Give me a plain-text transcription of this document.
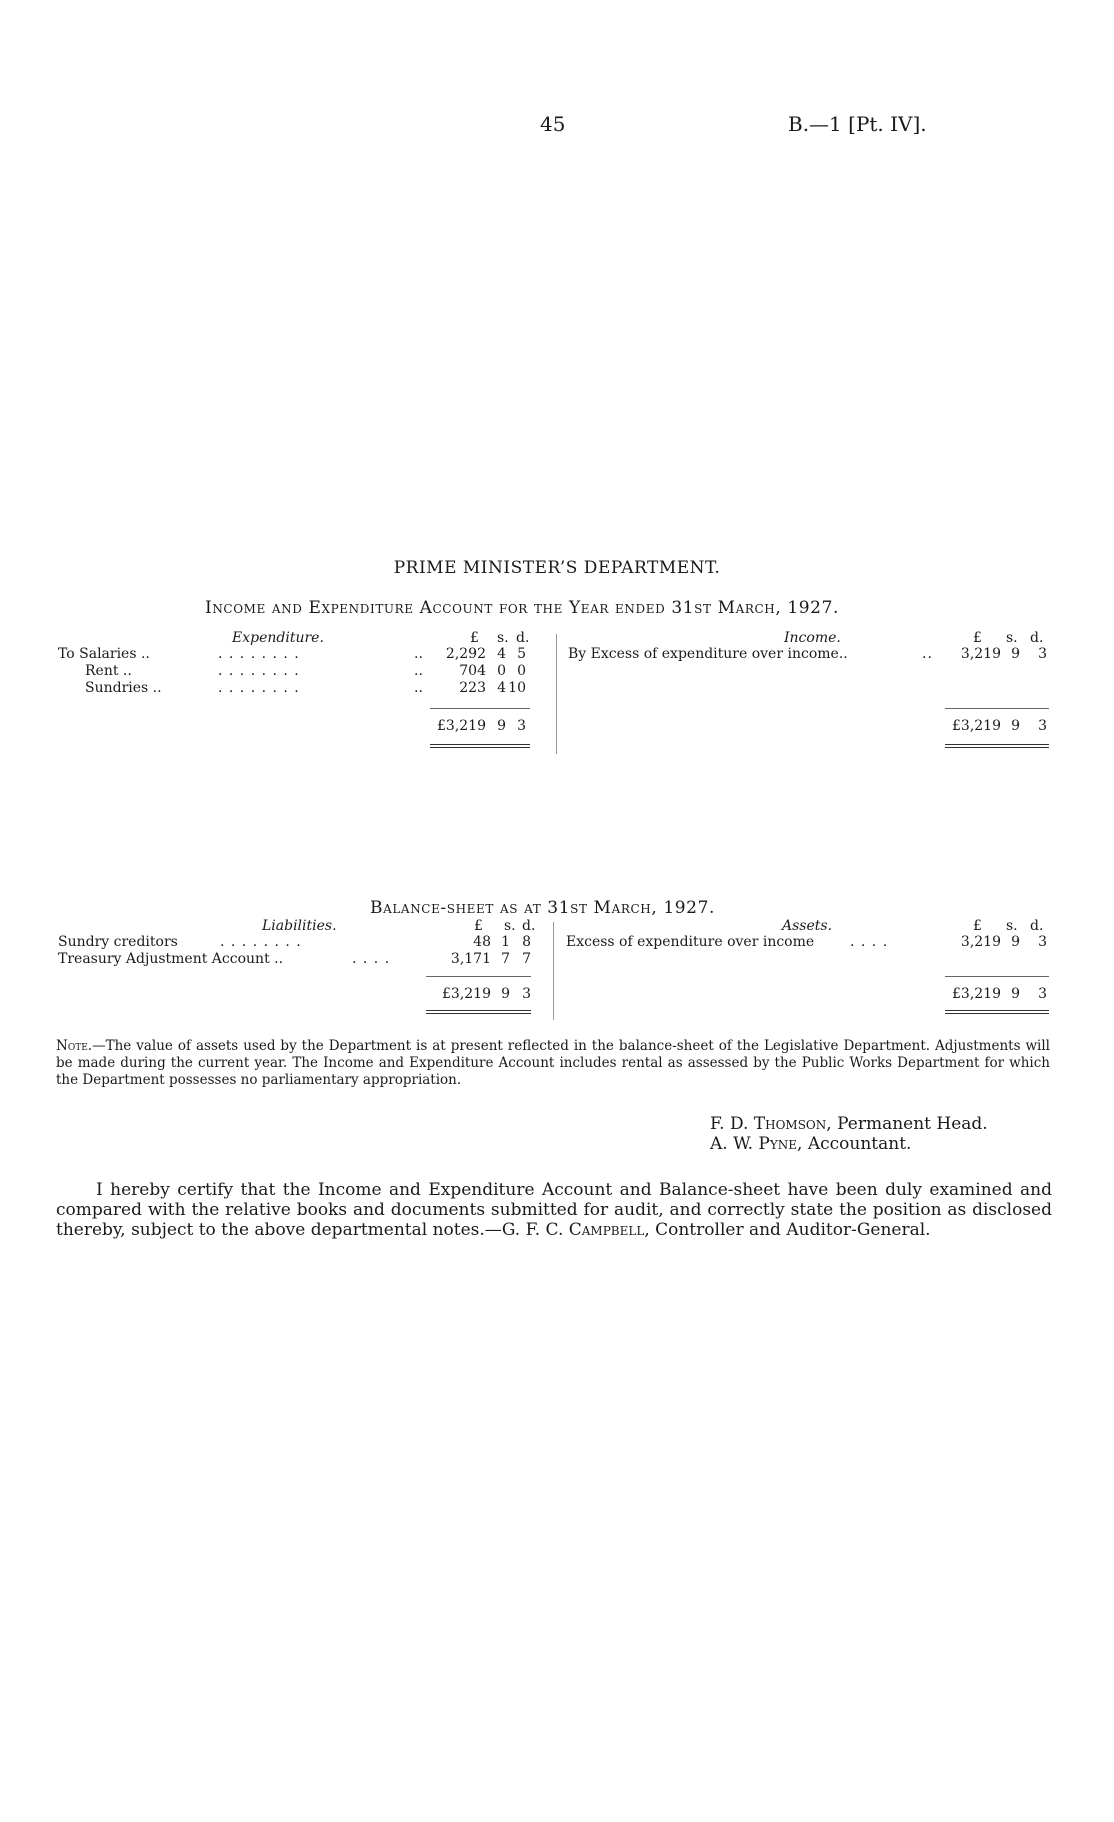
45	B.—1 [Pt. IV].
PRIME MINISTER’S DEPARTMENT.
Income and Expenditure Account for the Year ended 31st March, 1927.
Expenditure.	£ s. d.
To Salaries ..	. . . . . . . .	.. 2,292 4 5
Rent ..	. . . . . . . .	..	704 0 0
Sundries ..	. . . . . . . .	..	223 4 10
£3,219 9 3
Income.	£ s. d.
By Excess of expenditure over income..	.. 3,219 9 3
£3,219 9 3
Balance-sheet as at 31st March, 1927.
Liabilities.	£ s. d.
Sundry creditors	. . . . . . . .	48 1 8
Treasury Adjustment Account ..	. . . .	3,171 7 7
£3,219 9 3
Assets.	£ s. d.
Excess of expenditure over income	. . . .	3,219 9 3
£3,219 9 3
Note.—The value of assets used by the Department is at present reflected in the balance-sheet of the Legislative Department. Adjustments will be made during the current year. The Income and Expenditure Account includes rental as assessed by the Public Works Department for which the Department possesses no parliamentary appropriation.
F. D. Thomson, Permanent Head.
A. W. Pyne, Accountant.
I hereby certify that the Income and Expenditure Account and Balance-sheet have been duly examined and compared with the relative books and documents submitted for audit, and correctly state the position as disclosed thereby, subject to the above departmental notes.—G. F. C. Campbell, Controller and Auditor-General.
